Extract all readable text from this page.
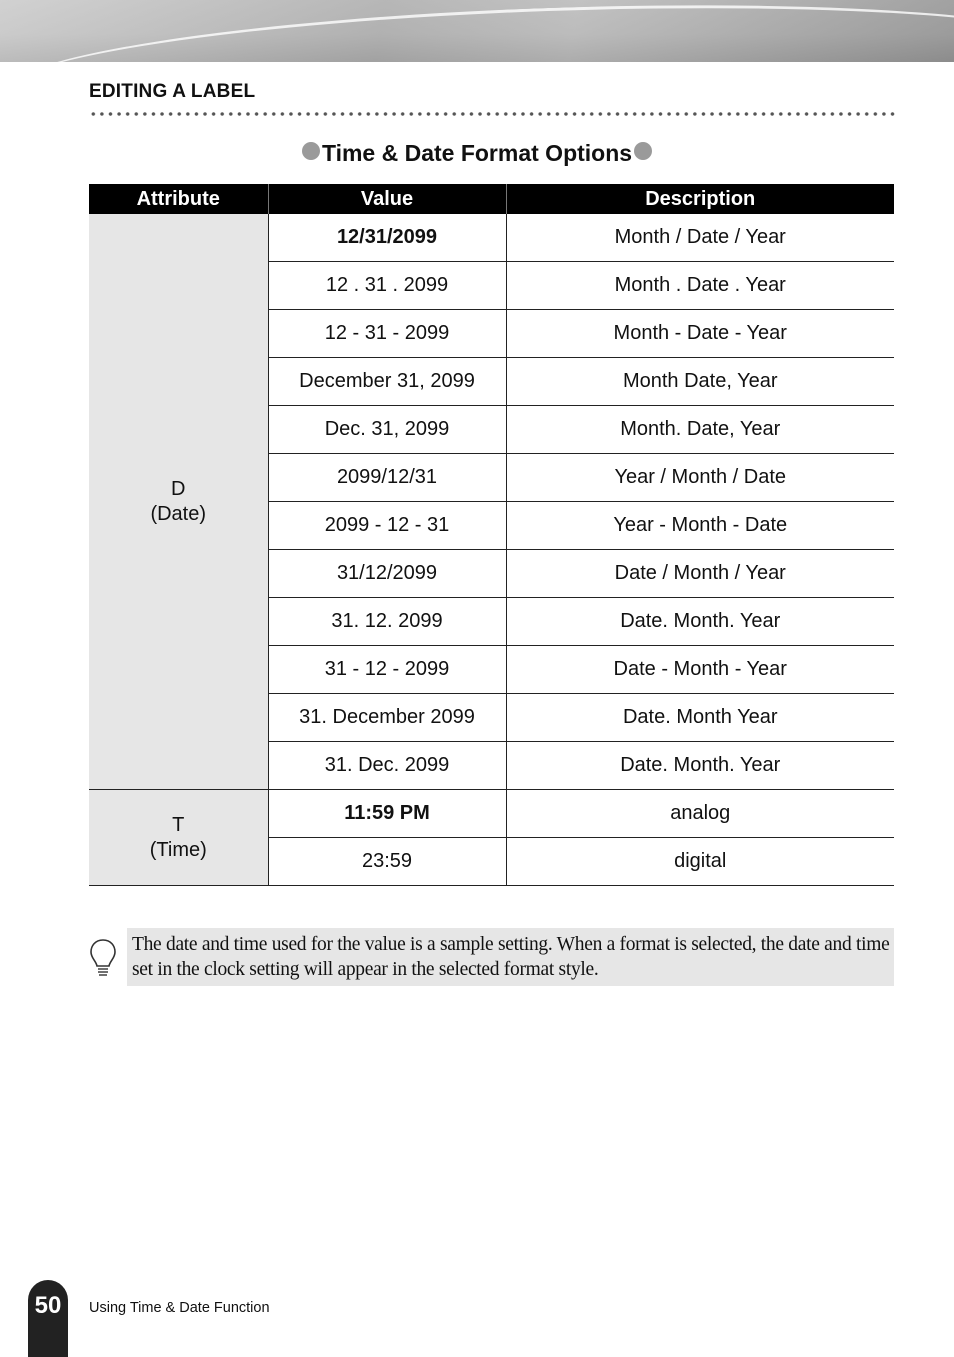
EDITING A LABEL
Time & Date Format Options
Attribute	Value	Description
D
(Date)	12/31/2099	Month / Date / Year
	12 . 31 . 2099	Month . Date . Year
	12 - 31 - 2099	Month - Date - Year
	December 31, 2099	Month Date, Year
	Dec. 31, 2099	Month. Date, Year
	2099/12/31	Year / Month / Date
	2099 - 12 - 31	Year - Month - Date
	31/12/2099	Date / Month / Year
	31. 12. 2099	Date. Month. Year
	31 - 12 - 2099	Date - Month - Year
	31. December 2099	Date. Month Year
	31. Dec. 2099	Date. Month. Year
T
(Time)	11:59 PM	analog
	23:59	digital
The date and time used for the value is a sample setting. When a format is selected, the date and time set in the clock setting will appear in the selected format style.
50	Using Time & Date Function
